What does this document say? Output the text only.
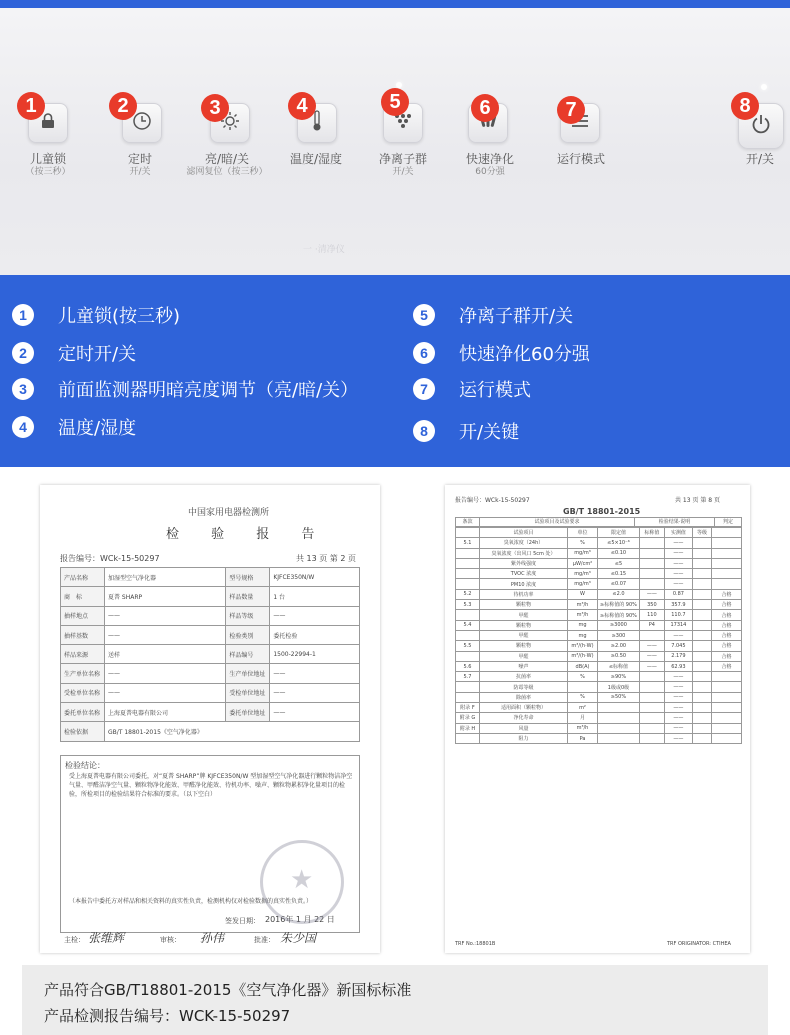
1
儿童锁
（按三秒）
2
定时
开/关
3
亮/暗/关
滤网复位（按三秒）
4
温度/湿度
5
净离子群
开/关
6
快速净化
60分强
7
运行模式
8
开/关
一 ·清净仪
1	儿童锁(按三秒)
2	定时开/关
3	前面监测器明暗亮度调节（亮/暗/关）
4	温度/湿度
5	净离子群开/关
6	快速净化60分强
7	运行模式
8	开/关键
中国家用电器检测所
检 验 报 告
报告编号：WCk-15-50297	共 13 页 第 2 页
产品名称	加湿型空气净化器	型号规格	KJFCE350N/W
商　标	夏普 SHARP	样品数量	1 台
抽样地点	——	样品等级	——
抽样基数	——	检验类别	委托检验
样品来源	送样	样品编号	1500-22994-1
生产单位名称	——	生产单位地址	——
受检单位名称	——	受检单位地址	——
委托单位名称	上海夏普电器有限公司	委托单位地址	——
检验依据	GB/T 18801-2015《空气净化器》		
检验结论：
受上海夏普电器有限公司委托，对“夏普 SHARP”牌 KJFCE350N/W 型加湿型空气净化器进行颗粒物洁净空气量、甲醛洁净空气量、颗粒物净化能效、甲醛净化能效、待机功率、噪声、颗粒物累积净化量项目的检验，所检项目的检验结果符合标准的要求。（以下空白）
（本报告中委托方对样品和相关资料的真实性负责，检测机构仅对检验数据的真实性负责。）
签发日期： 2016年 1 月 22 日
★
主检： 张维辉	审核： 孙伟	批准： 朱少国
报告编号：WCk-15-50297	共 13 页 第 8 页
GB/T 18801-2015
条款	试验项目及试验要求	检验结果·说明	判定
	试验项目	单位	限定值	标称值	实测值	等级	
5.1	臭氧浓度（24h）	%	≤5×10⁻⁶		——		
	臭氧浓度（出风口 5cm 处）	mg/m³	≤0.10		——		
	紫外线强度	μW/cm²	≤5		——		
	TVOC 浓度	mg/m³	≤0.15		——		
	PM10 浓度	mg/m³	≤0.07		——		
5.2	待机功率	W	≤2.0	——	0.87		合格
5.3	颗粒物	m³/h	≥标称值的 90%	350	357.9		合格
	甲醛	m³/h	≥标称值的 90%	110	110.7		合格
5.4	颗粒物	mg	≥3000	P4	17314		合格
	甲醛	mg	≥300		——		合格
5.5	颗粒物	m³/(h·W)	≥2.00	——	7.045		合格
	甲醛	m³/(h·W)	≥0.50	——	2.179		合格
5.6	噪声	dB(A)	≤标称值	——	62.93		合格
5.7	抗菌率	%	≥90%		——		
	防霉等级		1级或0级		——		
	除菌率	%	≥50%		——		
附录 F	适用面积（颗粒物）	m²			——		
附录 G	净化寿命	月			——		
附录 H	风量	m³/h			——		
	阻力	Pa			——		
TRF No.:18801B	TRF ORIGINATOR: CTIHEA
产品符合GB/T18801-2015《空气净化器》新国标标准
产品检测报告编号：WCK-15-50297
